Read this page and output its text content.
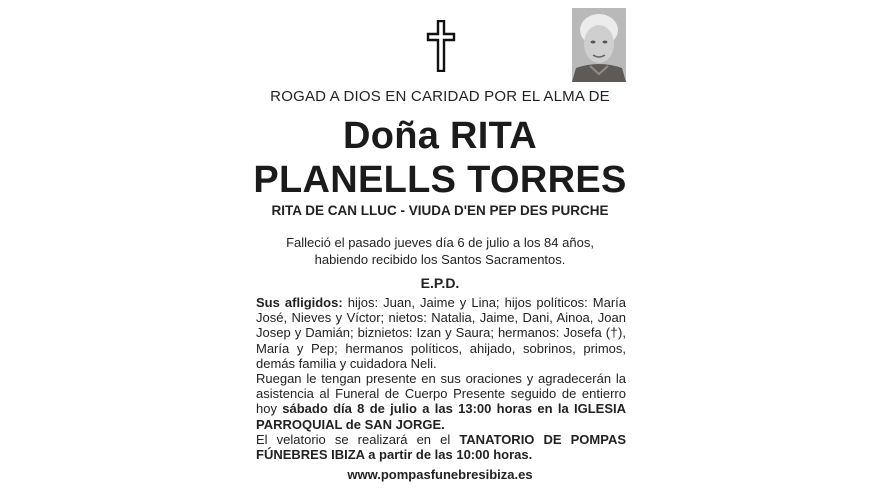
ROGAD A DIOS EN CARIDAD POR EL ALMA DE
Doña RITA
PLANELLS TORRES
RITA DE CAN LLUC - VIUDA D'EN PEP DES PURCHE
Falleció el pasado jueves día 6 de julio a los 84 años,
habiendo recibido los Santos Sacramentos.
E.P.D.

Sus afligidos: hijos: Juan, Jaime y Lina; hijos políticos: María José, Nieves y Víctor; nietos: Natalia, Jaime, Dani, Ainoa, Joan Josep y Damián; biznietos: Izan y Saura; hermanos: Josefa (†), María y Pep; hermanos políticos, ahijado, sobrinos, primos, demás familia y cuidadora Neli.

Ruegan le tengan presente en sus oraciones y agradecerán la asistencia al Funeral de Cuerpo Presente seguido de entierro hoy sábado día 8 de julio a las 13:00 horas en la IGLESIA PARROQUIAL de SAN JORGE.

El velatorio se realizará en el TANATORIO DE POMPAS FÚNEBRES IBIZA a partir de las 10:00 horas.

www.pompasfunebresibiza.es
